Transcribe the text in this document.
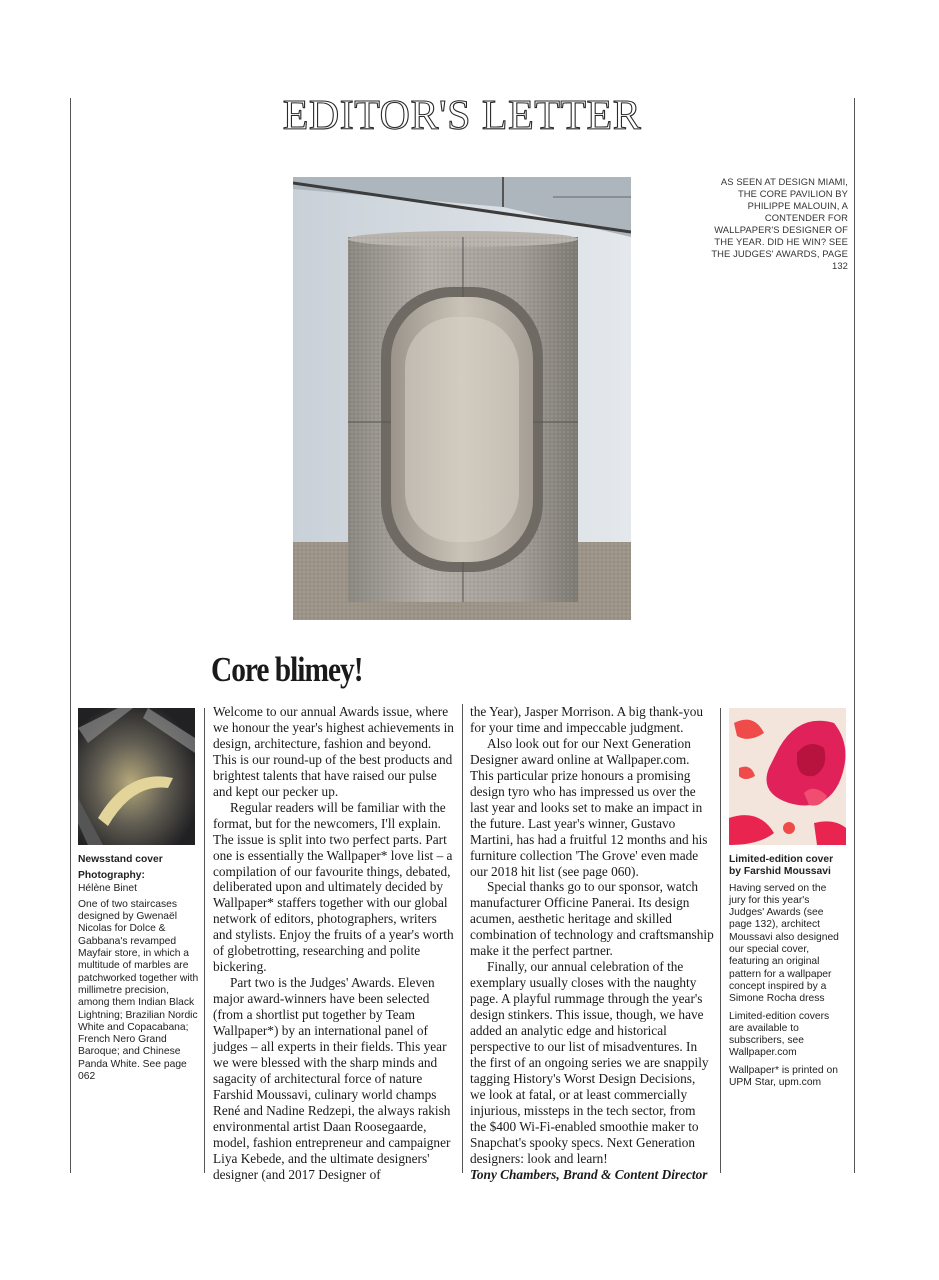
EDITOR'S LETTER
AS SEEN AT DESIGN MIAMI, THE CORE PAVILION BY PHILIPPE MALOUIN, A CONTENDER FOR WALLPAPER'S DESIGNER OF THE YEAR. DID HE WIN? SEE THE JUDGES' AWARDS, PAGE 132
Core blimey!

Welcome to our annual Awards issue, where we honour the year's highest achievements in design, architecture, fashion and beyond. This is our round-up of the best products and brightest talents that have raised our pulse and kept our pecker up.

Regular readers will be familiar with the format, but for the newcomers, I'll explain. The issue is split into two perfect parts. Part one is essentially the Wallpaper* love list – a compilation of our favourite things, debated, deliberated upon and ultimately decided by Wallpaper* staffers together with our global network of editors, photographers, writers and stylists. Enjoy the fruits of a year's worth of globetrotting, researching and polite bickering.

Part two is the Judges' Awards. Eleven major award-winners have been selected (from a shortlist put together by Team Wallpaper*) by an international panel of judges – all experts in their fields. This year we were blessed with the sharp minds and sagacity of architectural force of nature Farshid Moussavi, culinary world champs René and Nadine Redzepi, the always rakish environmental artist Daan Roosegaarde, model, fashion entrepreneur and campaigner Liya Kebede, and the ultimate designers' designer (and 2017 Designer of

the Year), Jasper Morrison. A big thank-you for your time and impeccable judgment.

Also look out for our Next Generation Designer award online at Wallpaper.com. This particular prize honours a promising design tyro who has impressed us over the last year and looks set to make an impact in the future. Last year's winner, Gustavo Martini, has had a fruitful 12 months and his furniture collection 'The Grove' even made our 2018 hit list (see page 060).

Special thanks go to our sponsor, watch manufacturer Officine Panerai. Its design acumen, aesthetic heritage and skilled combination of technology and craftsmanship make it the perfect partner.

Finally, our annual celebration of the exemplary usually closes with the naughty page. A playful rummage through the year's design stinkers. This issue, though, we have added an analytic edge and historical perspective to our list of misadventures. In the first of an ongoing series we are snappily tagging History's Worst Design Decisions, we look at fatal, or at least commercially injurious, missteps in the tech sector, from the $400 Wi-Fi-enabled smoothie maker to Snapchat's spooky specs. Next Generation designers: look and learn!

Tony Chambers, Brand & Content Director

Newsstand cover

Photography:

Hélène Binet

One of two staircases designed by Gwenaël Nicolas for Dolce & Gabbana's revamped Mayfair store, in which a multitude of marbles are patchworked together with millimetre precision, among them Indian Black Lightning; Brazilian Nordic White and Copacabana; French Nero Grand Baroque; and Chinese Panda White. See page 062

Limited-edition cover

by Farshid Moussavi

Having served on the jury for this year's Judges' Awards (see page 132), architect Moussavi also designed our special cover, featuring an original pattern for a wallpaper concept inspired by a Simone Rocha dress

Limited-edition covers are available to subscribers, see Wallpaper.com

Wallpaper* is printed on UPM Star, upm.com
